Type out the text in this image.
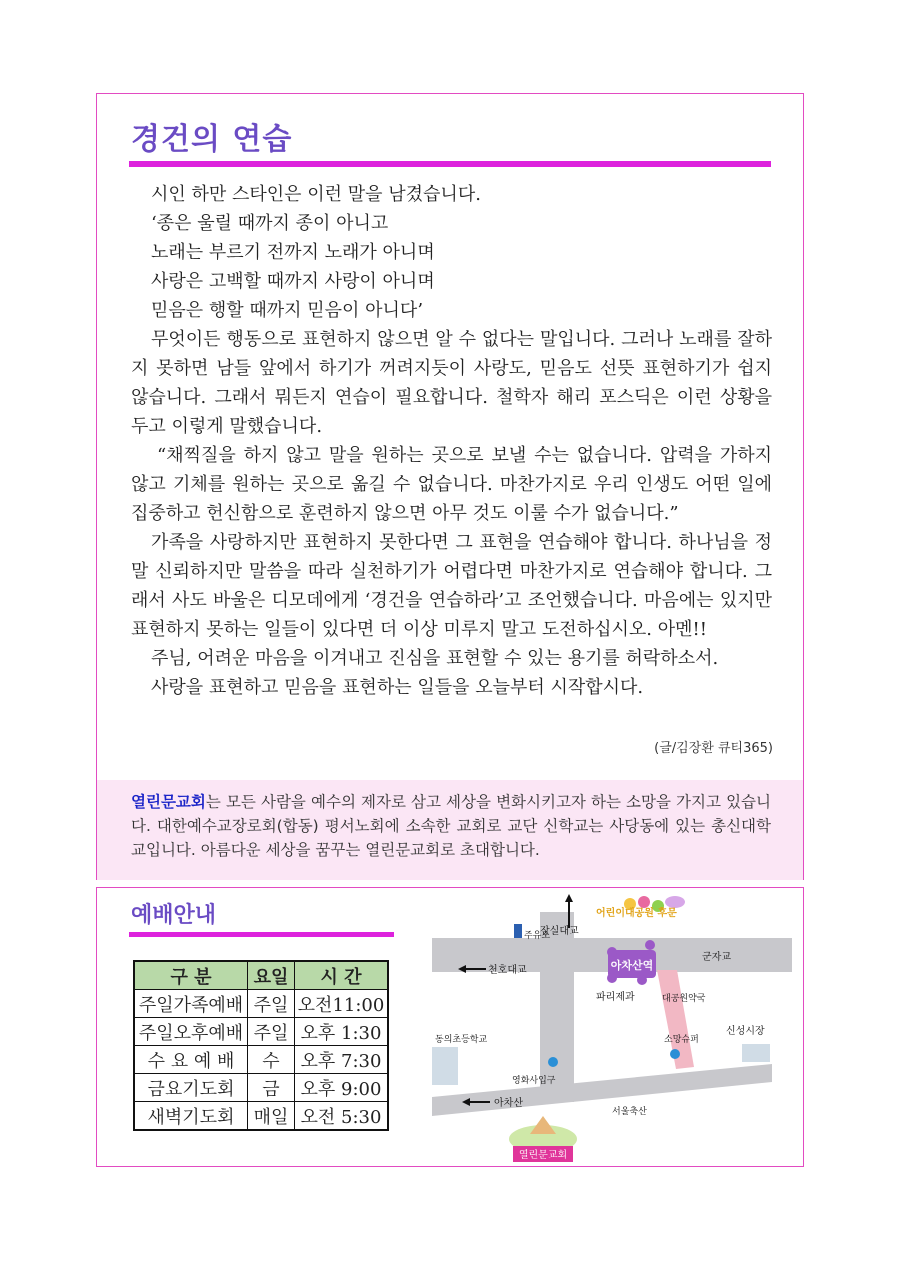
경건의 연습

시인 하만 스타인은 이런 말을 남겼습니다.

‘종은 울릴 때까지 종이 아니고

노래는 부르기 전까지 노래가 아니며

사랑은 고백할 때까지 사랑이 아니며

믿음은 행할 때까지 믿음이 아니다’

무엇이든 행동으로 표현하지 않으면 알 수 없다는 말입니다. 그러나 노래를 잘하지 못하면 남들 앞에서 하기가 꺼려지듯이 사랑도, 믿음도 선뜻 표현하기가 쉽지 않습니다. 그래서 뭐든지 연습이 필요합니다. 철학자 해리 포스딕은 이런 상황을 두고 이렇게 말했습니다.

“채찍질을 하지 않고 말을 원하는 곳으로 보낼 수는 없습니다. 압력을 가하지 않고 기체를 원하는 곳으로 옮길 수 없습니다. 마찬가지로 우리 인생도 어떤 일에 집중하고 헌신함으로 훈련하지 않으면 아무 것도 이룰 수가 없습니다.”

가족을 사랑하지만 표현하지 못한다면 그 표현을 연습해야 합니다. 하나님을 정말 신뢰하지만 말씀을 따라 실천하기가 어렵다면 마찬가지로 연습해야 합니다. 그래서 사도 바울은 디모데에게 ‘경건을 연습하라’고 조언했습니다. 마음에는 있지만 표현하지 못하는 일들이 있다면 더 이상 미루지 말고 도전하십시오. 아멘!!

주님, 어려운 마음을 이겨내고 진심을 표현할 수 있는 용기를 허락하소서.

사랑을 표현하고 믿음을 표현하는 일들을 오늘부터 시작합시다.

(글/김장환 큐티365)
열린문교회는 모든 사람을 예수의 제자로 삼고 세상을 변화시키고자 하는 소망을 가지고 있습니다. 대한예수교장로회(합동) 평서노회에 소속한 교회로 교단 신학교는 사당동에 있는 총신대학교입니다. 아름다운 세상을 꿈꾸는 열린문교회로 초대합니다.
예배안내
구 분	요일	시 간
주일가족예배	주일	오전11:00
주일오후예배	주일	오후 1:30
수 요 예 배	수	오후 7:30
금요기도회	금	오후 9:00
새벽기도회	매일	오전 5:30
아차산역
열린문교회
잠실대교
어린이대공원 후문
주유소
천호대교
군자교
파리제과	대공원약국
신성시장
소망슈퍼
동의초등학교
영화사입구
아차산
서울축산
